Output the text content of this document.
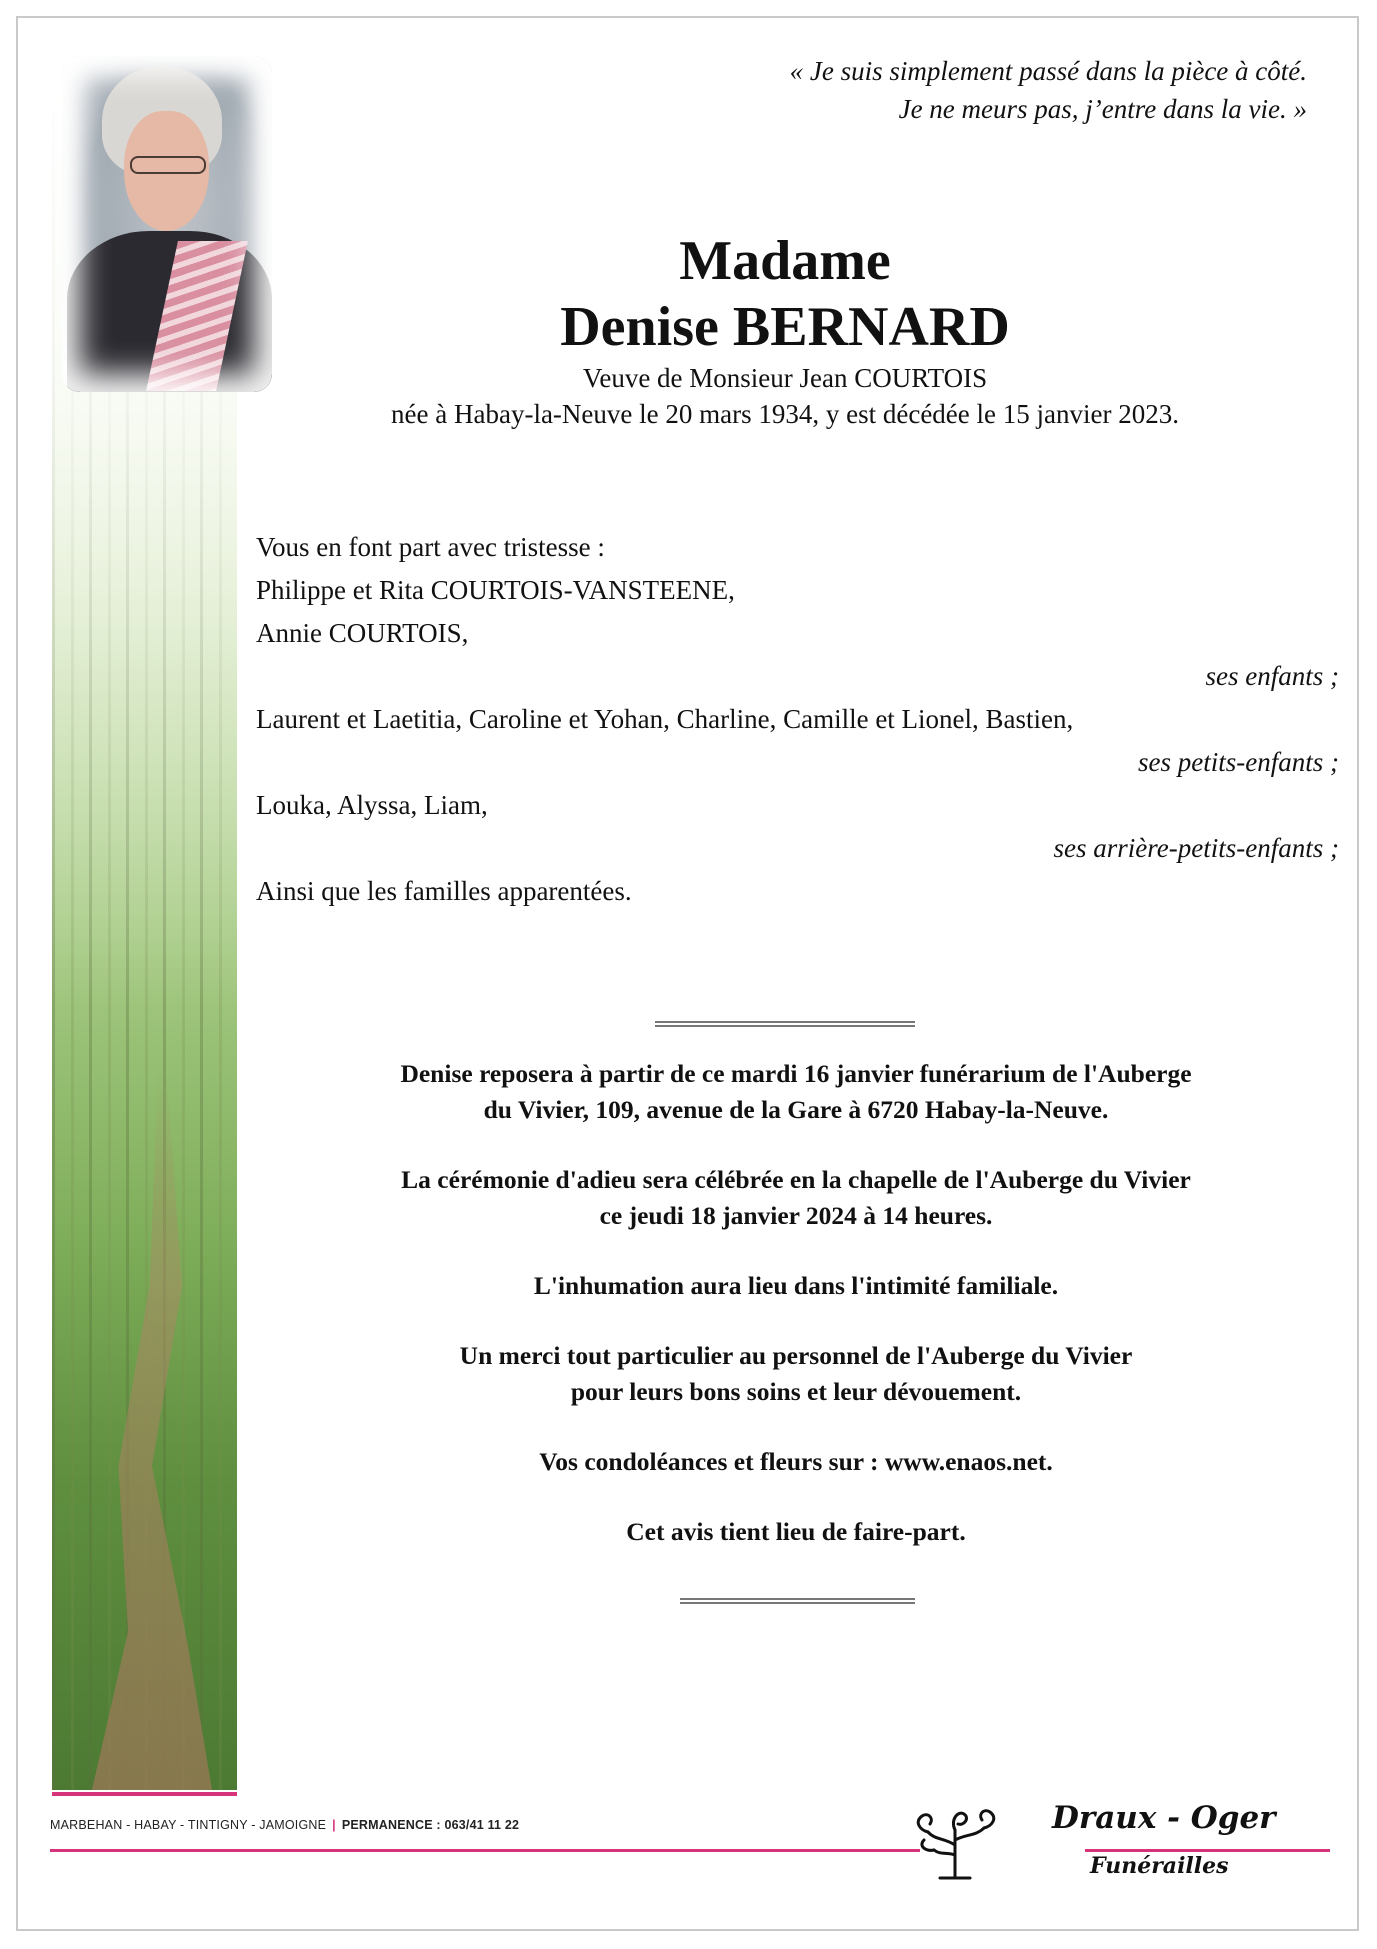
« Je suis simplement passé dans la pièce à côté.
Je ne meurs pas, j’entre dans la vie. »
Madame
Denise BERNARD
Veuve de Monsieur Jean COURTOIS
née à Habay-la-Neuve le 20 mars 1934, y est décédée le 15 janvier 2023.
Vous en font part avec tristesse :
Philippe et Rita COURTOIS-VANSTEENE,
Annie COURTOIS,
ses enfants ;
Laurent et Laetitia, Caroline et Yohan, Charline, Camille et Lionel, Bastien,
ses petits-enfants ;
Louka, Alyssa, Liam,
ses arrière-petits-enfants ;
Ainsi que les familles apparentées.

Denise reposera à partir de ce mardi 16 janvier funérarium de l'Auberge
du Vivier, 109, avenue de la Gare à 6720 Habay-la-Neuve.

La cérémonie d'adieu sera célébrée en la chapelle de l'Auberge du Vivier
ce jeudi 18 janvier 2024 à 14 heures.

L'inhumation aura lieu dans l'intimité familiale.

Un merci tout particulier au personnel de l'Auberge du Vivier
pour leurs bons soins et leur dévouement.

Vos condoléances et fleurs sur : www.enaos.net.

Cet avis tient lieu de faire-part.

MARBEHAN - HABAY - TINTIGNY - JAMOIGNE | PERMANENCE : 063/41 11 22	Draux - Oger
Funérailles
